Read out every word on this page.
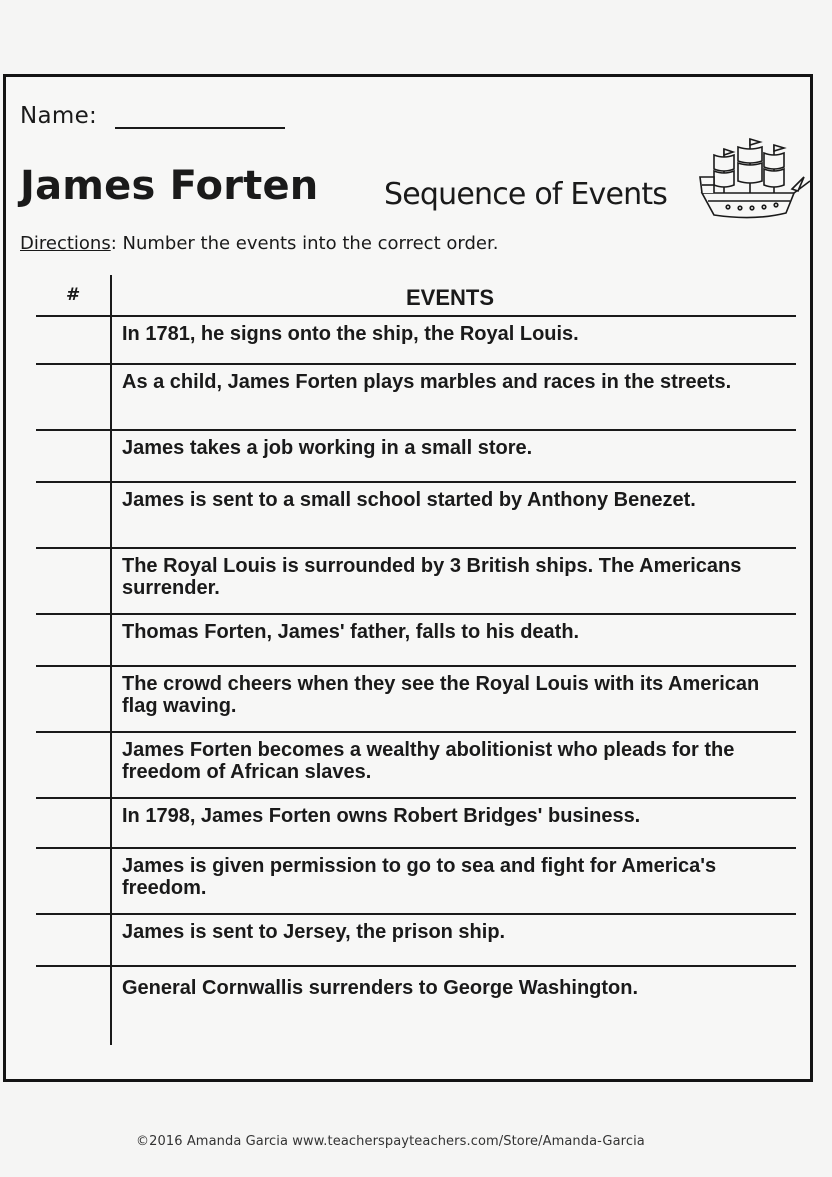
Name:
James Forten Sequence of Events
Directions: Number the events into the correct order.
#	EVENTS
In 1781, he signs onto the ship, the Royal Louis.
As a child, James Forten plays marbles and races in the streets.
James takes a job working in a small store.
James is sent to a small school started by Anthony Benezet.
The Royal Louis is surrounded by 3 British ships. The Americans surrender.
Thomas Forten, James' father, falls to his death.
The crowd cheers when they see the Royal Louis with its American flag waving.
James Forten becomes a wealthy abolitionist who pleads for the freedom of African slaves.
In 1798, James Forten owns Robert Bridges' business.
James is given permission to go to sea and fight for America's freedom.
James is sent to Jersey, the prison ship.
General Cornwallis surrenders to George Washington.
©2016 Amanda Garcia www.teacherspayteachers.com/Store/Amanda-Garcia
